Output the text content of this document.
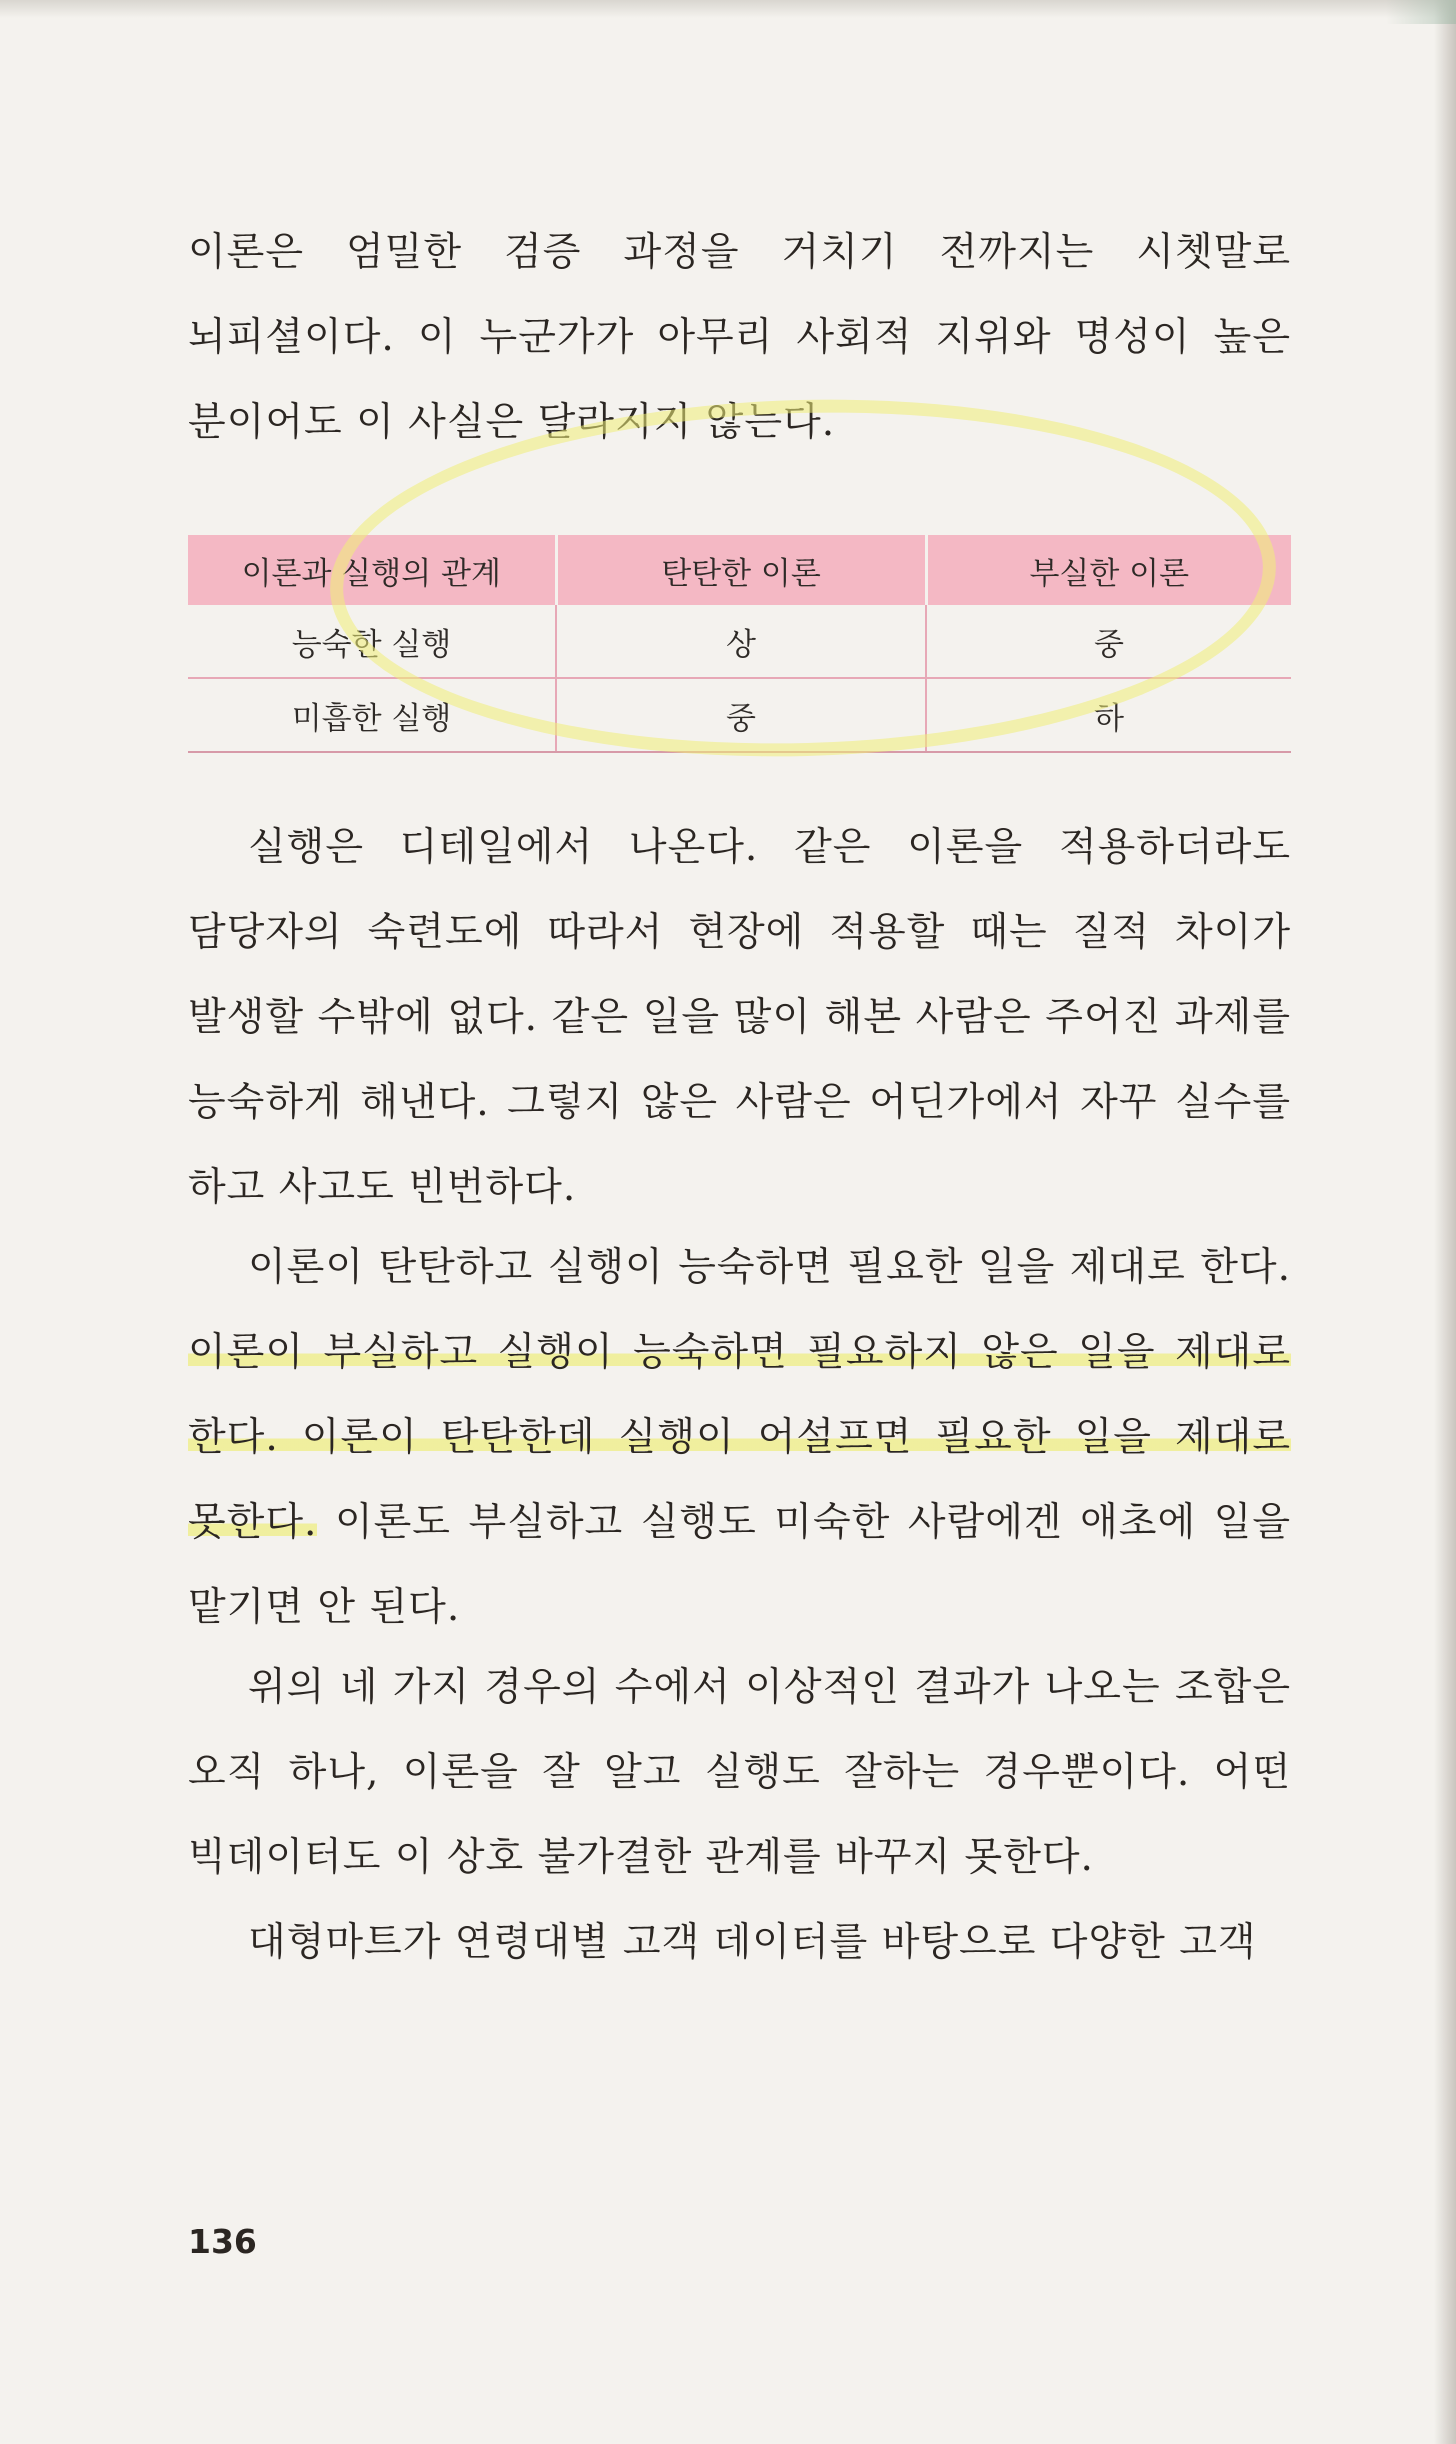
이론은 엄밀한 검증 과정을 거치기 전까지는 시쳇말로 뇌피셜이다. 이 누군가가 아무리 사회적 지위와 명성이 높은 분이어도 이 사실은 달라지지 않는다.

이론과 실행의 관계	탄탄한 이론	부실한 이론
능숙한 실행	상	중
미흡한 실행	중	하

실행은 디테일에서 나온다. 같은 이론을 적용하더라도 담당자의 숙련도에 따라서 현장에 적용할 때는 질적 차이가 발생할 수밖에 없다. 같은 일을 많이 해본 사람은 주어진 과제를 능숙하게 해낸다. 그렇지 않은 사람은 어딘가에서 자꾸 실수를 하고 사고도 빈번하다.

이론이 탄탄하고 실행이 능숙하면 필요한 일을 제대로 한다. 이론이 부실하고 실행이 능숙하면 필요하지 않은 일을 제대로 한다. 이론이 탄탄한데 실행이 어설프면 필요한 일을 제대로 못한다. 이론도 부실하고 실행도 미숙한 사람에겐 애초에 일을 맡기면 안 된다.

위의 네 가지 경우의 수에서 이상적인 결과가 나오는 조합은 오직 하나, 이론을 잘 알고 실행도 잘하는 경우뿐이다. 어떤 빅데이터도 이 상호 불가결한 관계를 바꾸지 못한다.

대형마트가 연령대별 고객 데이터를 바탕으로 다양한 고객

136
